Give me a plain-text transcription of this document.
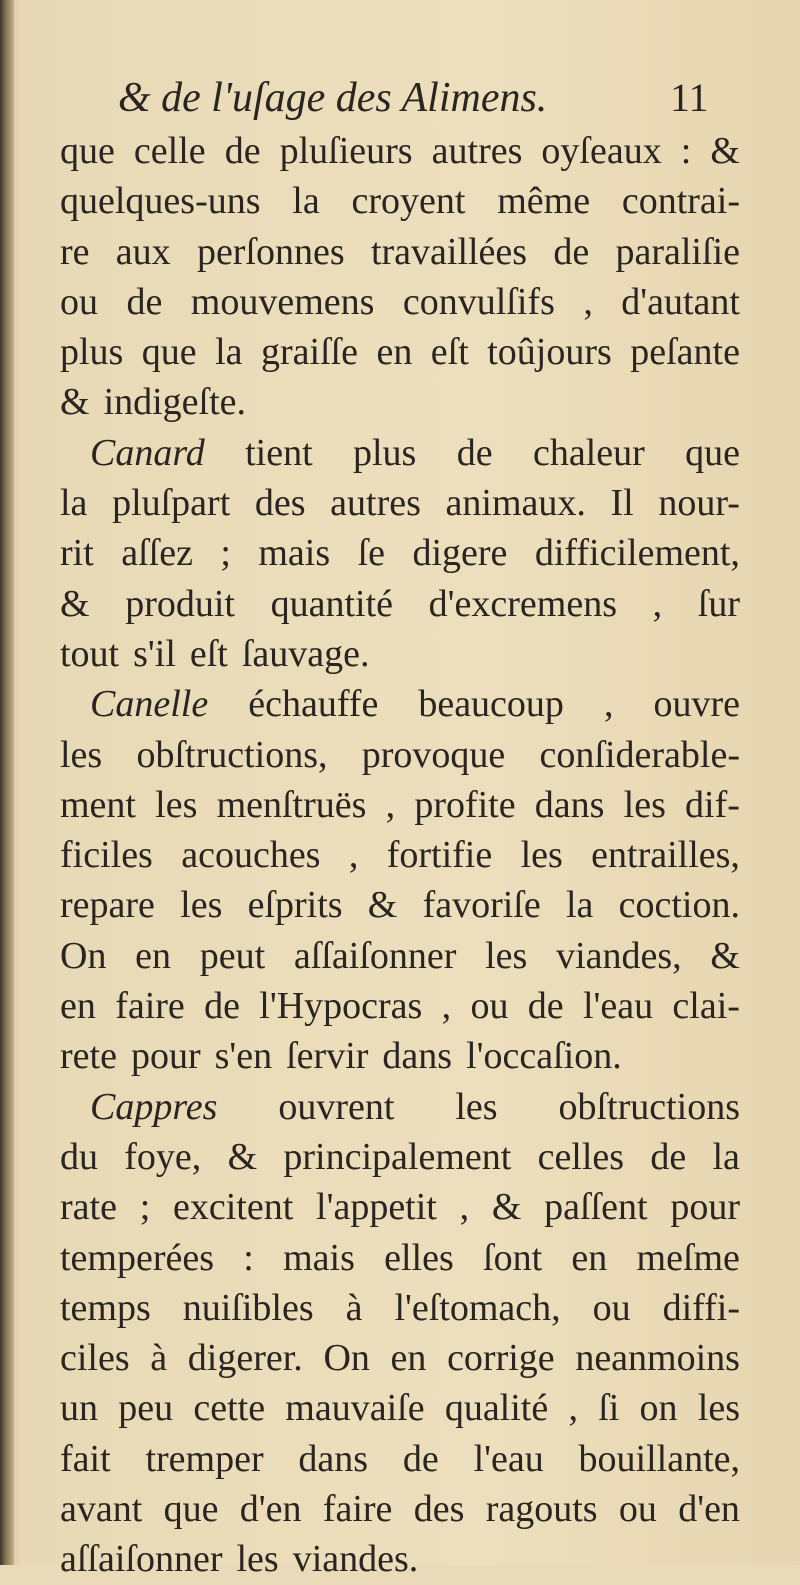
& de l'uſage des Alimens.	11
que celle de pluſieurs autres oyſeaux : &
quelques-uns la croyent même contrai-
re aux perſonnes travaillées de paraliſie
ou de mouvemens convulſifs , d'autant
plus que la graiſſe en eſt toûjours peſante
& indigeſte.
Canard tient plus de chaleur que
la pluſpart des autres animaux. Il nour-
rit aſſez ; mais ſe digere difficilement,
& produit quantité d'excremens , ſur
tout s'il eſt ſauvage.
Canelle échauffe beaucoup , ouvre
les obſtructions, provoque conſiderable-
ment les menſtruës , profite dans les dif-
ficiles acouches , fortifie les entrailles,
repare les eſprits & favoriſe la coction.
On en peut aſſaiſonner les viandes, &
en faire de l'Hypocras , ou de l'eau clai-
rete pour s'en ſervir dans l'occaſion.
Cappres ouvrent les obſtructions
du foye, & principalement celles de la
rate ; excitent l'appetit , & paſſent pour
temperées : mais elles ſont en meſme
temps nuiſibles à l'eſtomach, ou diffi-
ciles à digerer. On en corrige neanmoins
un peu cette mauvaiſe qualité , ſi on les
fait tremper dans de l'eau bouillante,
avant que d'en faire des ragouts ou d'en
aſſaiſonner les viandes.
